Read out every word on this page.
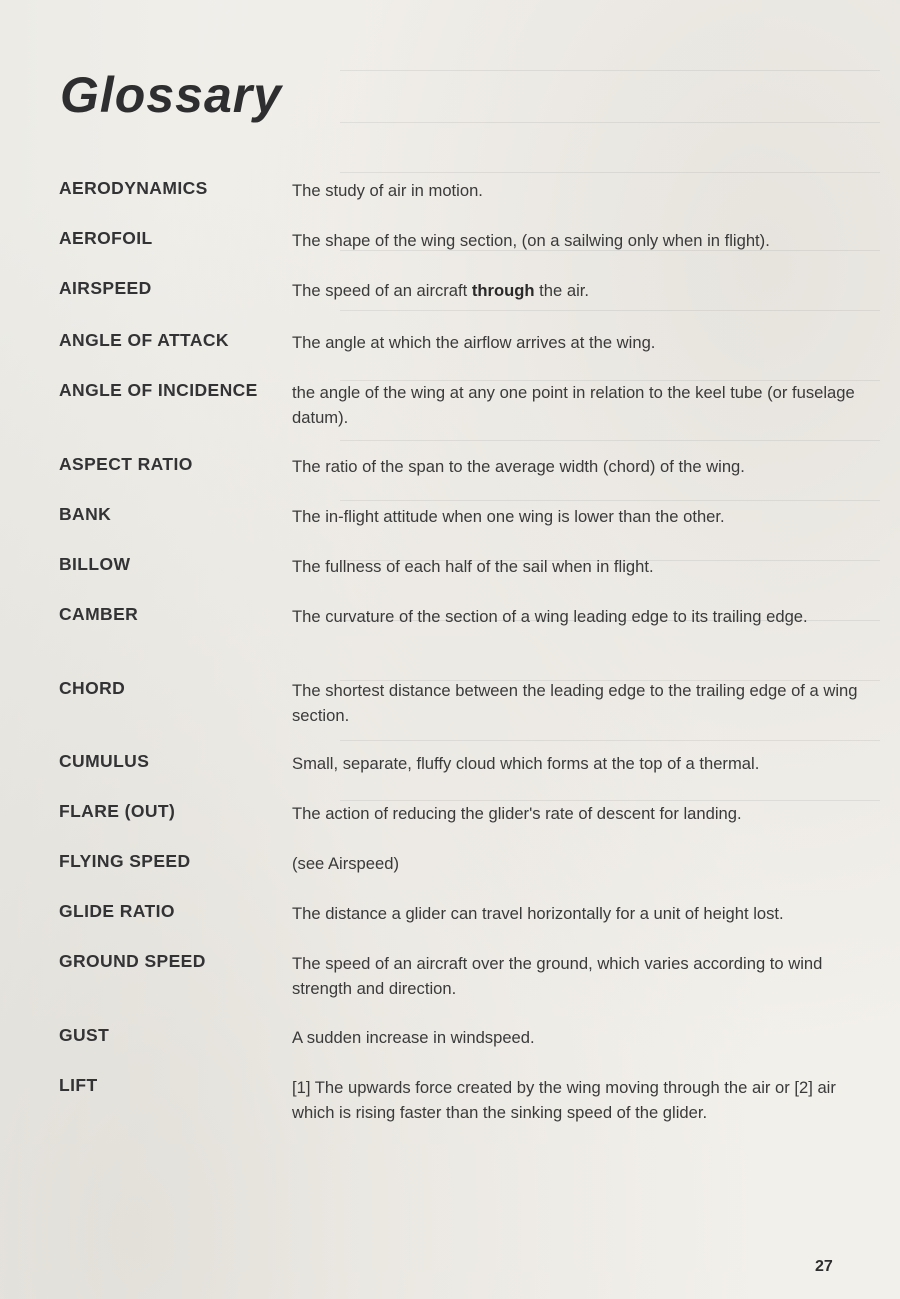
Glossary
AERODYNAMICS	The study of air in motion.
AEROFOIL	The shape of the wing section, (on a sailwing only when in flight).
AIRSPEED	The speed of an aircraft through the air.
ANGLE OF ATTACK	The angle at which the airflow arrives at the wing.
ANGLE OF INCIDENCE	the angle of the wing at any one point in relation to the keel tube (or fuselage datum).
ASPECT RATIO	The ratio of the span to the average width (chord) of the wing.
BANK	The in-flight attitude when one wing is lower than the other.
BILLOW	The fullness of each half of the sail when in flight.
CAMBER	The curvature of the section of a wing leading edge to its trailing edge.
CHORD	The shortest distance between the leading edge to the trailing edge of a wing section.
CUMULUS	Small, separate, fluffy cloud which forms at the top of a thermal.
FLARE (OUT)	The action of reducing the glider's rate of descent for landing.
FLYING SPEED	(see Airspeed)
GLIDE RATIO	The distance a glider can travel horizontally for a unit of height lost.
GROUND SPEED	The speed of an aircraft over the ground, which varies according to wind strength and direction.
GUST	A sudden increase in windspeed.
LIFT	[1] The upwards force created by the wing moving through the air or [2] air which is rising faster than the sinking speed of the glider.
27
